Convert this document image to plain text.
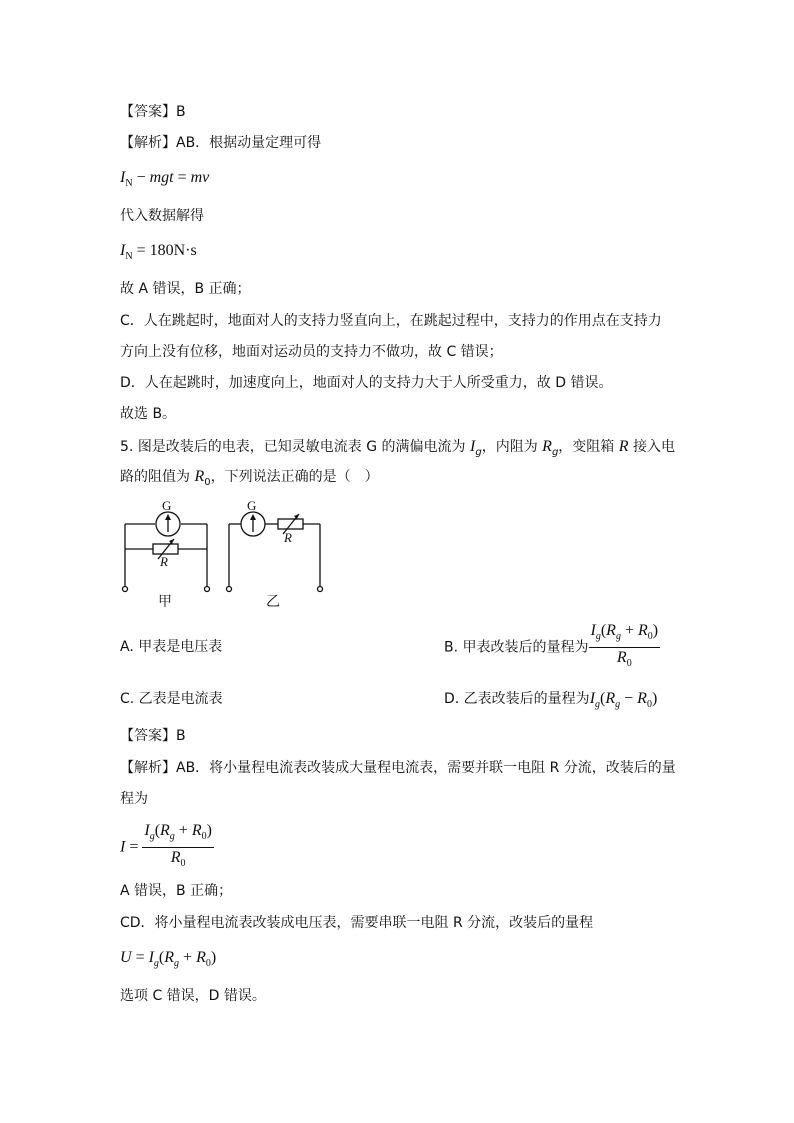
【答案】B
【解析】AB．根据动量定理可得
$I_N$ − mgt = mv
代入数据解得
$I_N = 180N\cdot s$
故 A 错误，B 正确；
C．人在跳起时，地面对人的支持力竖直向上，在跳起过程中，支持力的作用点在支持力
方向上没有位移，地面对运动员的支持力不做功，故 C 错误；
D．人在起跳时，加速度向上，地面对人的支持力大于人所受重力，故 D 错误。
故选 B。
5. 图是改装后的电表，已知灵敏电流表 G 的满偏电流为 $I_g$，内阻为 $R_g$，变阻箱 R 接入电
路的阻值为 $R_0$，下列说法正确的是（　）
G
R
甲
G
R
乙
A. 甲表是电压表	B. 甲表改装后的量程为 $\frac{I_g(R_g + R_0)}{R_0}$
C. 乙表是电流表	D. 乙表改装后的量程为$I_g(R_g - R_0)$
【答案】B
【解析】AB．将小量程电流表改装成大量程电流表，需要并联一电阻 R 分流，改装后的量
程为
$I = \frac{I_g(R_g + R_0)}{R_0}$
A 错误，B 正确；
CD．将小量程电流表改装成电压表，需要串联一电阻 R 分流，改装后的量程
$U = I_g(R_g + R_0)$
选项 C 错误，D 错误。
